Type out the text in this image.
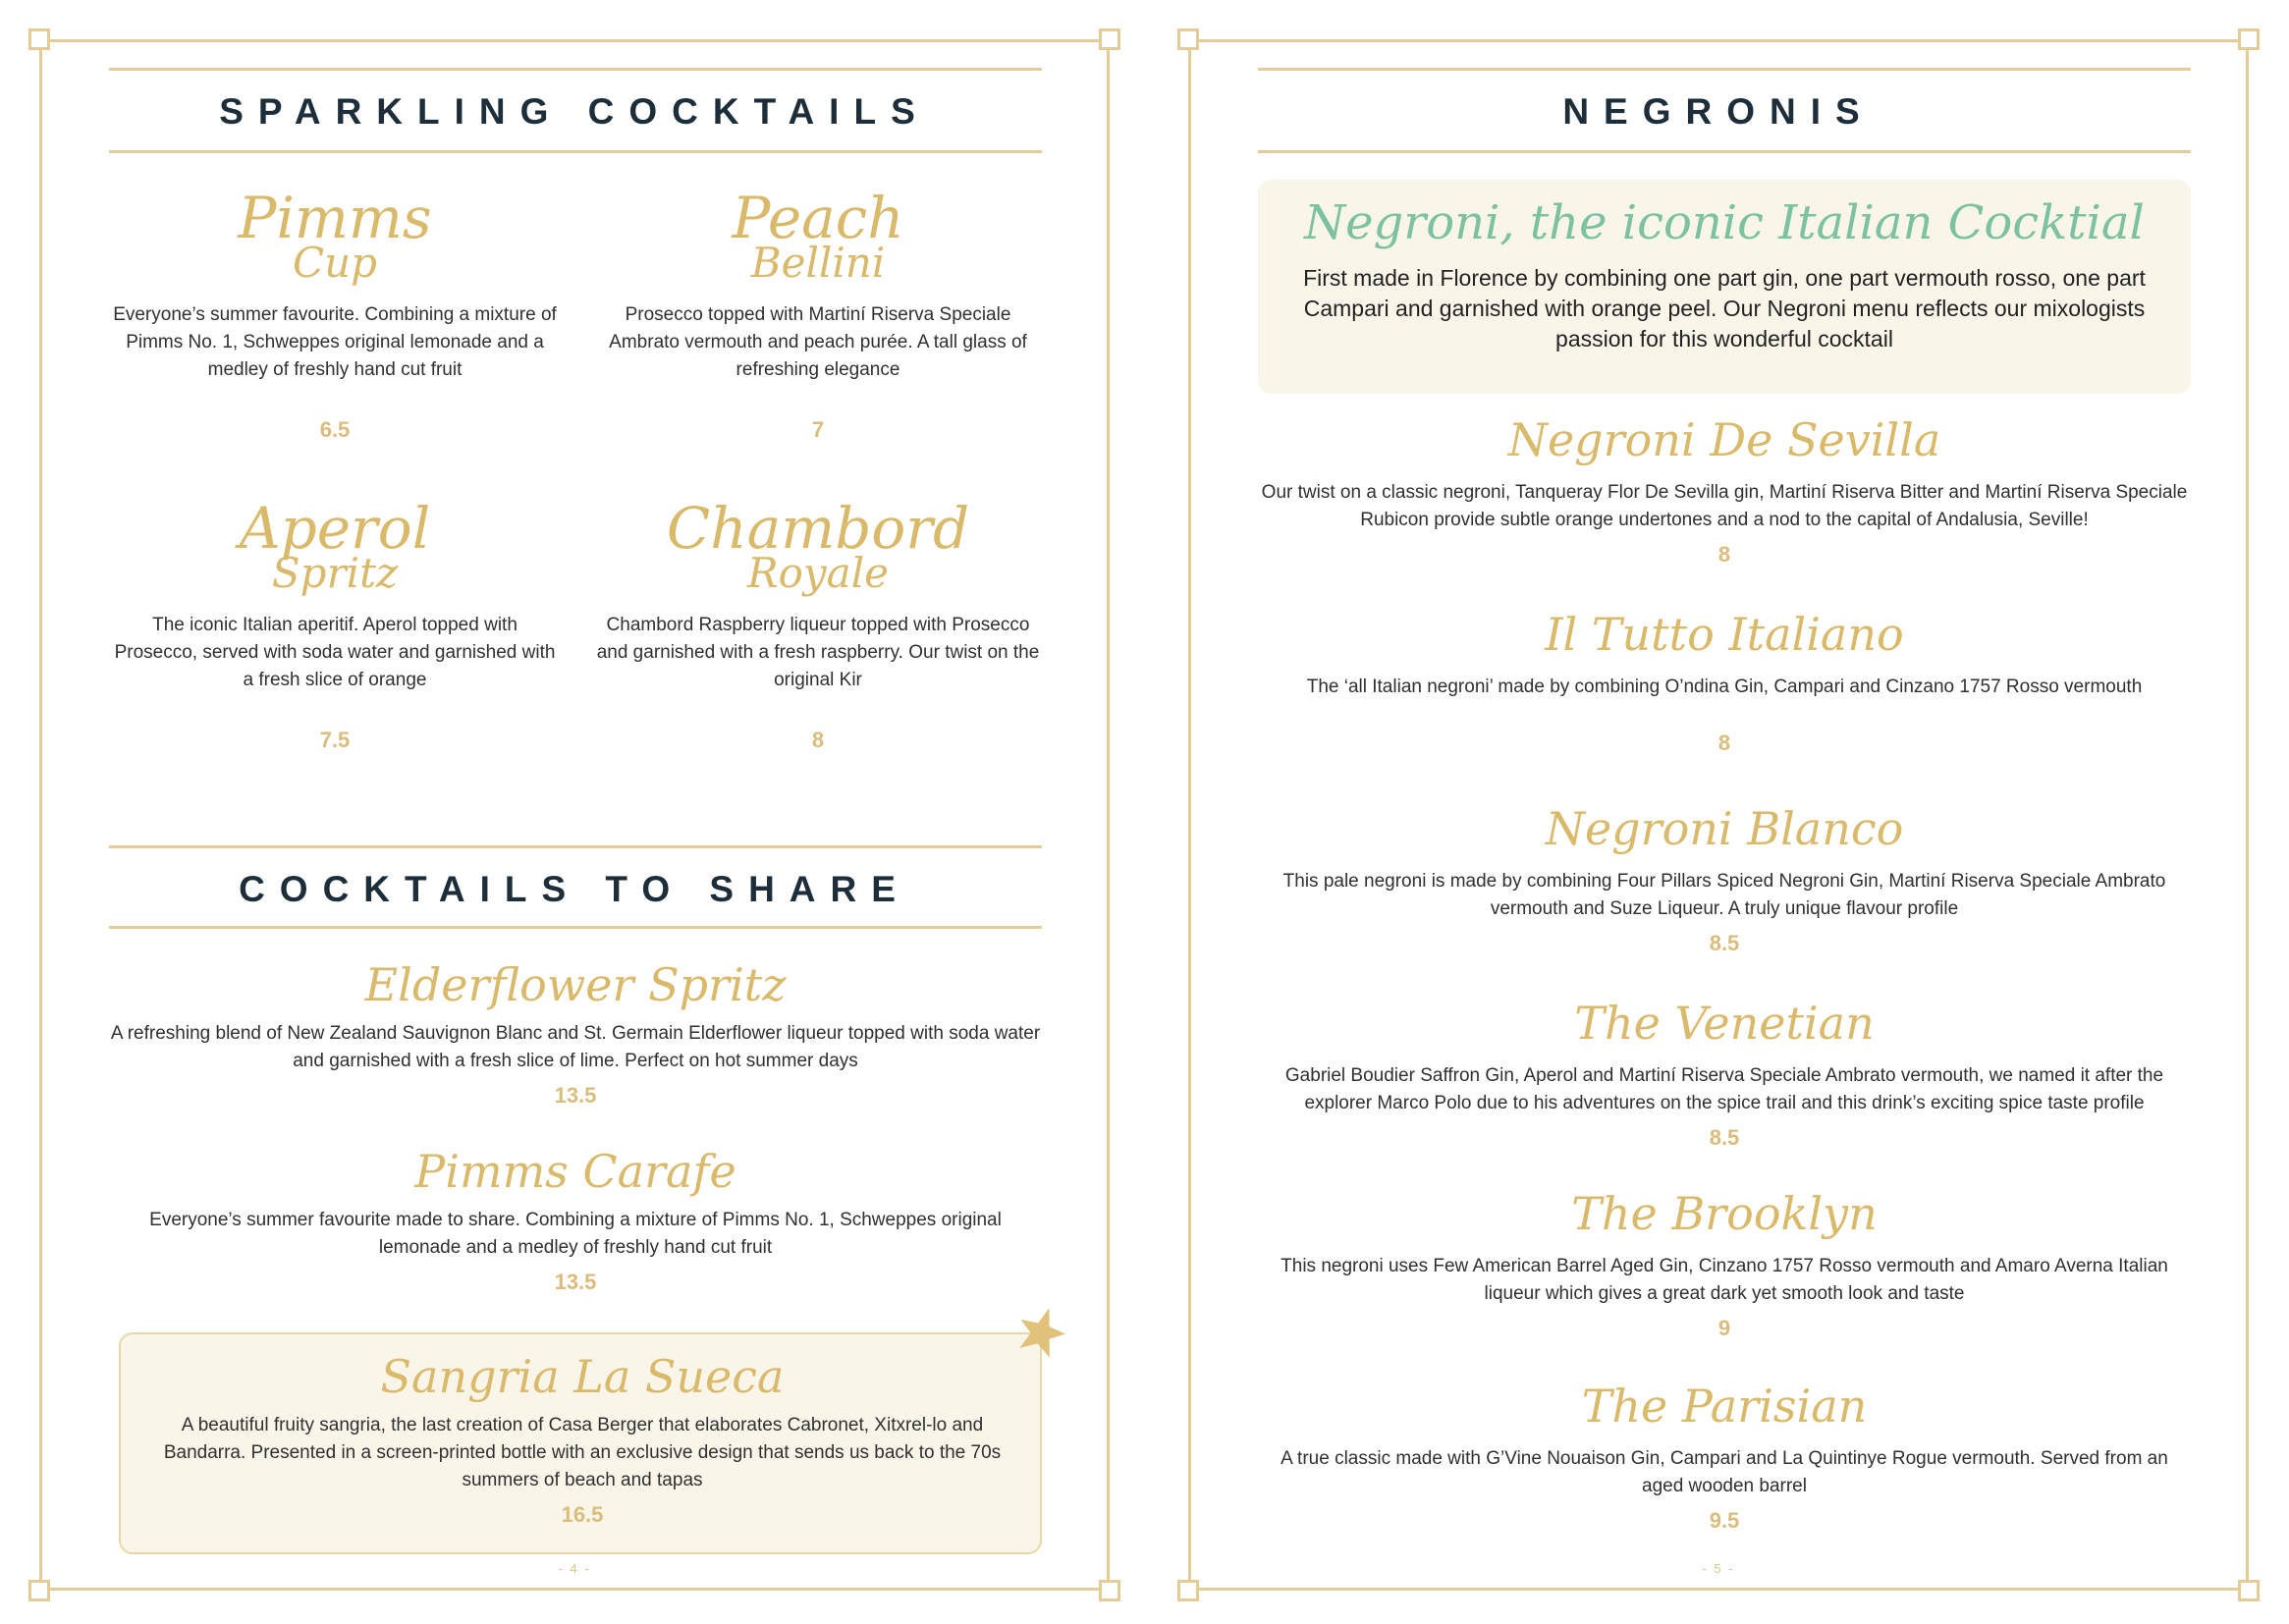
SPARKLING COCKTAILS
Pimms
Cup
Everyone’s summer favourite. Combining a mixture of Pimms No. 1, Schweppes original lemonade and a medley of freshly hand cut fruit
6.5
Peach
Bellini
Prosecco topped with Martiní Riserva Speciale Ambrato vermouth and peach purée. A tall glass of refreshing elegance
7
Aperol
Spritz
The iconic Italian aperitif. Aperol topped with Prosecco, served with soda water and garnished with a fresh slice of orange
7.5
Chambord
Royale
Chambord Raspberry liqueur topped with Prosecco and garnished with a fresh raspberry. Our twist on the original Kir
8
COCKTAILS TO SHARE
Elderflower Spritz
A refreshing blend of New Zealand Sauvignon Blanc and St. Germain Elderflower liqueur topped with soda water and garnished with a fresh slice of lime. Perfect on hot summer days
13.5
Pimms Carafe
Everyone’s summer favourite made to share. Combining a mixture of Pimms No. 1, Schweppes original lemonade and a medley of freshly hand cut fruit
13.5
Sangria La Sueca
A beautiful fruity sangria, the last creation of Casa Berger that elaborates Cabronet, Xitxrel-lo and Bandarra. Presented in a screen-printed bottle with an exclusive design that sends us back to the 70s summers of beach and tapas
16.5
- 4 -
NEGRONIS
Negroni, the iconic Italian Cocktial
First made in Florence by combining one part gin, one part vermouth rosso, one part Campari and garnished with orange peel. Our Negroni menu reflects our mixologists passion for this wonderful cocktail
Negroni De Sevilla
Our twist on a classic negroni, Tanqueray Flor De Sevilla gin, Martiní Riserva Bitter and Martiní Riserva Speciale Rubicon provide subtle orange undertones and a nod to the capital of Andalusia, Seville!
8
Il Tutto Italiano
The ‘all Italian negroni’ made by combining O’ndina Gin, Campari and Cinzano 1757 Rosso vermouth
8
Negroni Blanco
This pale negroni is made by combining Four Pillars Spiced Negroni Gin, Martiní Riserva Speciale Ambrato vermouth and Suze Liqueur. A truly unique flavour profile
8.5
The Venetian
Gabriel Boudier Saffron Gin, Aperol and Martiní Riserva Speciale Ambrato vermouth, we named it after the explorer Marco Polo due to his adventures on the spice trail and this drink’s exciting spice taste profile
8.5
The Brooklyn
This negroni uses Few American Barrel Aged Gin, Cinzano 1757 Rosso vermouth and Amaro Averna Italian liqueur which gives a great dark yet smooth look and taste
9
The Parisian
A true classic made with G’Vine Nouaison Gin, Campari and La Quintinye Rogue vermouth. Served from an aged wooden barrel
9.5
- 5 -
